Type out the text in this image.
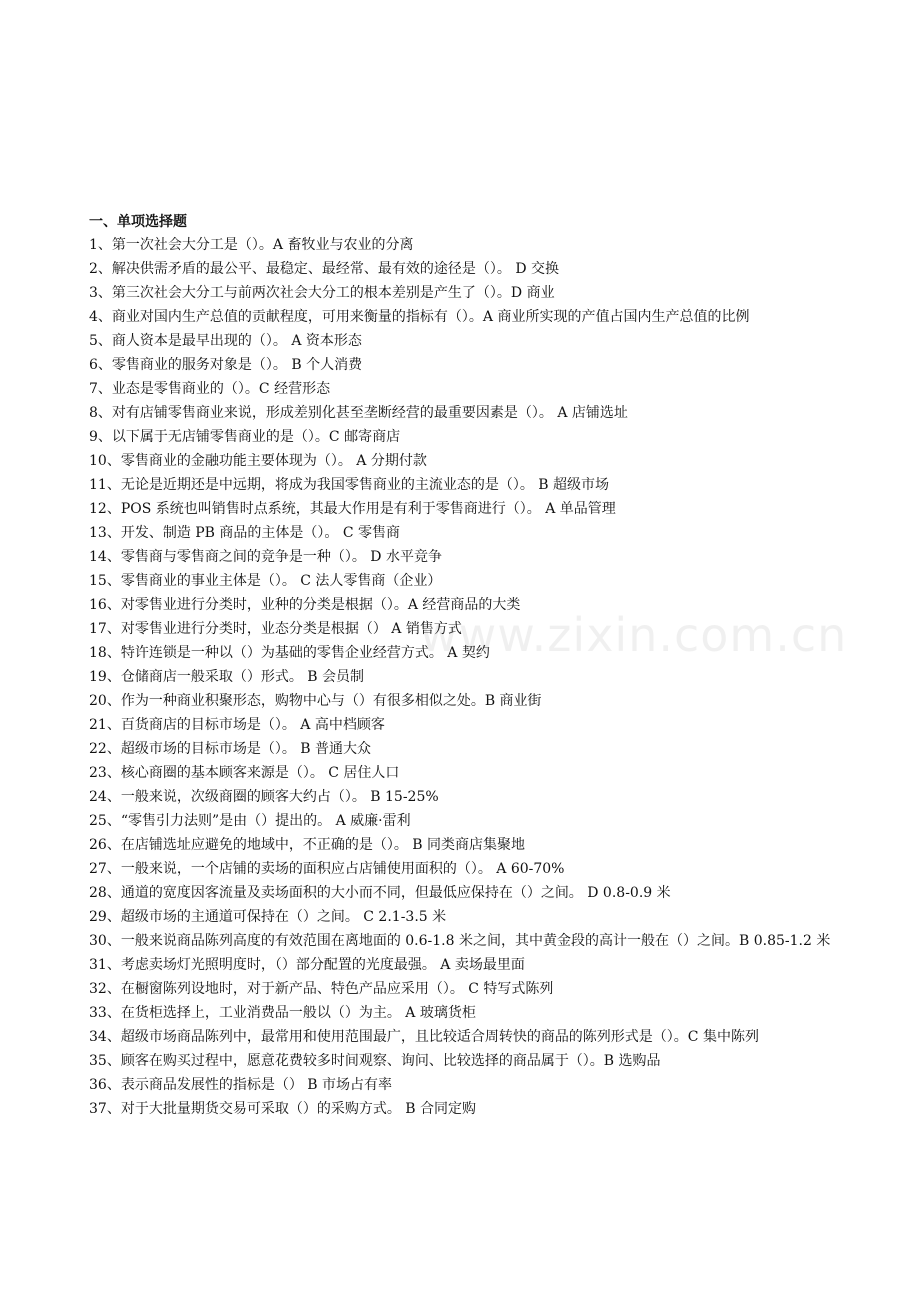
www.zixin.com.cn
一、单项选择题
1、第一次社会大分工是（）。A 畜牧业与农业的分离
2、解决供需矛盾的最公平、最稳定、最经常、最有效的途径是（）。 D 交换
3、第三次社会大分工与前两次社会大分工的根本差别是产生了（）。D 商业
4、商业对国内生产总值的贡献程度，可用来衡量的指标有（）。A 商业所实现的产值占国内生产总值的比例
5、商人资本是最早出现的（）。 A 资本形态
6、零售商业的服务对象是（）。 B 个人消费
7、业态是零售商业的（）。C 经营形态
8、对有店铺零售商业来说，形成差别化甚至垄断经营的最重要因素是（）。 A 店铺选址
9、以下属于无店铺零售商业的是（）。C 邮寄商店
10、零售商业的金融功能主要体现为（）。 A 分期付款
11、无论是近期还是中远期，将成为我国零售商业的主流业态的是（）。 B 超级市场
12、POS 系统也叫销售时点系统，其最大作用是有利于零售商进行（）。 A 单品管理
13、开发、制造 PB 商品的主体是（）。 C 零售商
14、零售商与零售商之间的竞争是一种（）。 D 水平竞争
15、零售商业的事业主体是（）。 C 法人零售商（企业）
16、对零售业进行分类时，业种的分类是根据（）。A 经营商品的大类
17、对零售业进行分类时，业态分类是根据（） A 销售方式
18、特许连锁是一种以（）为基础的零售企业经营方式。 A 契约
19、仓储商店一般采取（）形式。 B 会员制
20、作为一种商业积聚形态，购物中心与（）有很多相似之处。B 商业街
21、百货商店的目标市场是（）。 A 高中档顾客
22、超级市场的目标市场是（）。 B 普通大众
23、核心商圈的基本顾客来源是（）。 C 居住人口
24、一般来说，次级商圈的顾客大约占（）。 B 15-25%
25、“零售引力法则”是由（）提出的。 A 威廉·雷利
26、在店铺选址应避免的地域中，不正确的是（）。 B 同类商店集聚地
27、一般来说，一个店铺的卖场的面积应占店铺使用面积的（）。 A 60-70%
28、通道的宽度因客流量及卖场面积的大小而不同，但最低应保持在（）之间。 D 0.8-0.9 米
29、超级市场的主通道可保持在（）之间。 C 2.1-3.5 米
30、一般来说商品陈列高度的有效范围在离地面的 0.6-1.8 米之间，其中黄金段的高计一般在（）之间。B 0.85-1.2 米
31、考虑卖场灯光照明度时，（）部分配置的光度最强。 A 卖场最里面
32、在橱窗陈列设地时，对于新产品、特色产品应采用（）。 C 特写式陈列
33、在货柜选择上，工业消费品一般以（）为主。 A 玻璃货柜
34、超级市场商品陈列中，最常用和使用范围最广，且比较适合周转快的商品的陈列形式是（）。C 集中陈列
35、顾客在购买过程中，愿意花费较多时间观察、询问、比较选择的商品属于（）。B 选购品
36、表示商品发展性的指标是（） B 市场占有率
37、对于大批量期货交易可采取（）的采购方式。 B 合同定购
